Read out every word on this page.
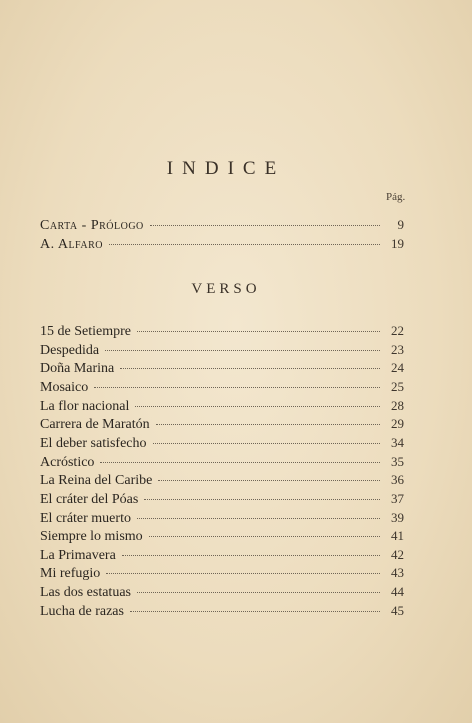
INDICE
Pág.
Carta - Prólogo	9
A. Alfaro	19
VERSO
15 de Setiempre	22
Despedida	23
Doña Marina	24
Mosaico	25
La flor nacional	28
Carrera de Maratón	29
El deber satisfecho	34
Acróstico	35
La Reina del Caribe	36
El cráter del Póas	37
El cráter muerto	39
Siempre lo mismo	41
La Primavera	42
Mi refugio	43
Las dos estatuas	44
Lucha de razas	45
